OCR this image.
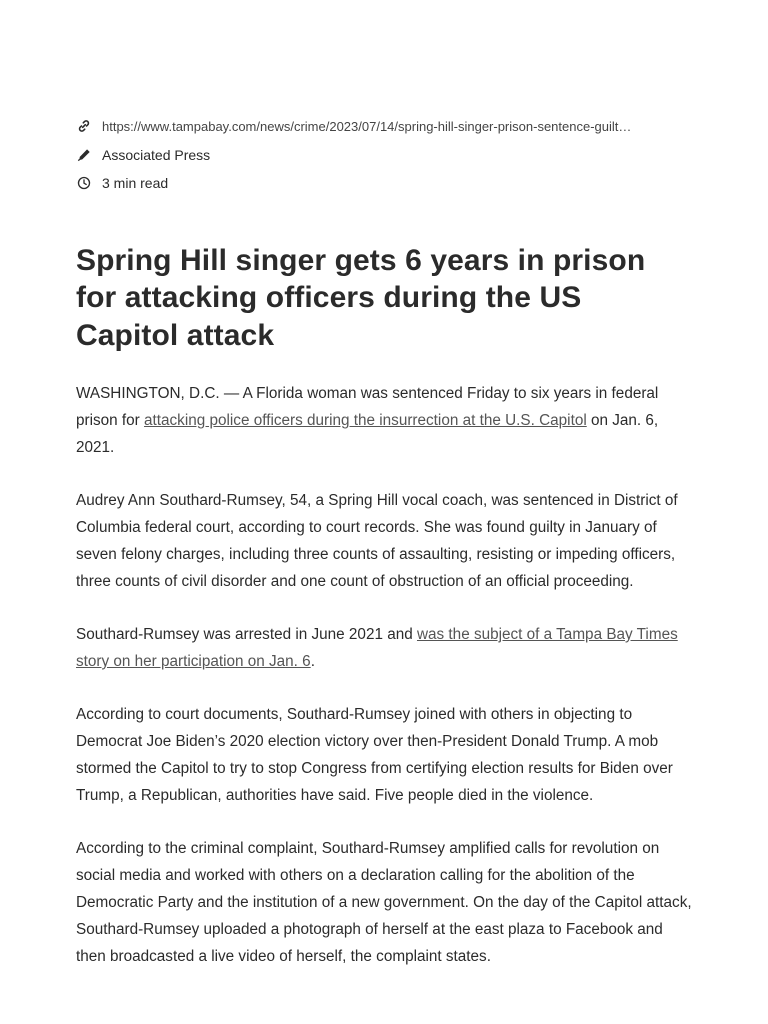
https://www.tampabay.com/news/crime/2023/07/14/spring-hill-singer-prison-sentence-guilt…
Associated Press
3 min read
Spring Hill singer gets 6 years in prison for attacking officers during the US Capitol attack

WASHINGTON, D.C. — A Florida woman was sentenced Friday to six years in federal prison for attacking police officers during the insurrection at the U.S. Capitol on Jan. 6, 2021.

Audrey Ann Southard-Rumsey, 54, a Spring Hill vocal coach, was sentenced in District of Columbia federal court, according to court records. She was found guilty in January of seven felony charges, including three counts of assaulting, resisting or impeding officers, three counts of civil disorder and one count of obstruction of an official proceeding.

Southard-Rumsey was arrested in June 2021 and was the subject of a Tampa Bay Times story on her participation on Jan. 6.

According to court documents, Southard-Rumsey joined with others in objecting to Democrat Joe Biden’s 2020 election victory over then-President Donald Trump. A mob stormed the Capitol to try to stop Congress from certifying election results for Biden over Trump, a Republican, authorities have said. Five people died in the violence.

According to the criminal complaint, Southard-Rumsey amplified calls for revolution on social media and worked with others on a declaration calling for the abolition of the Democratic Party and the institution of a new government. On the day of the Capitol attack, Southard-Rumsey uploaded a photograph of herself at the east plaza to Facebook and then broadcasted a live video of herself, the complaint states.
